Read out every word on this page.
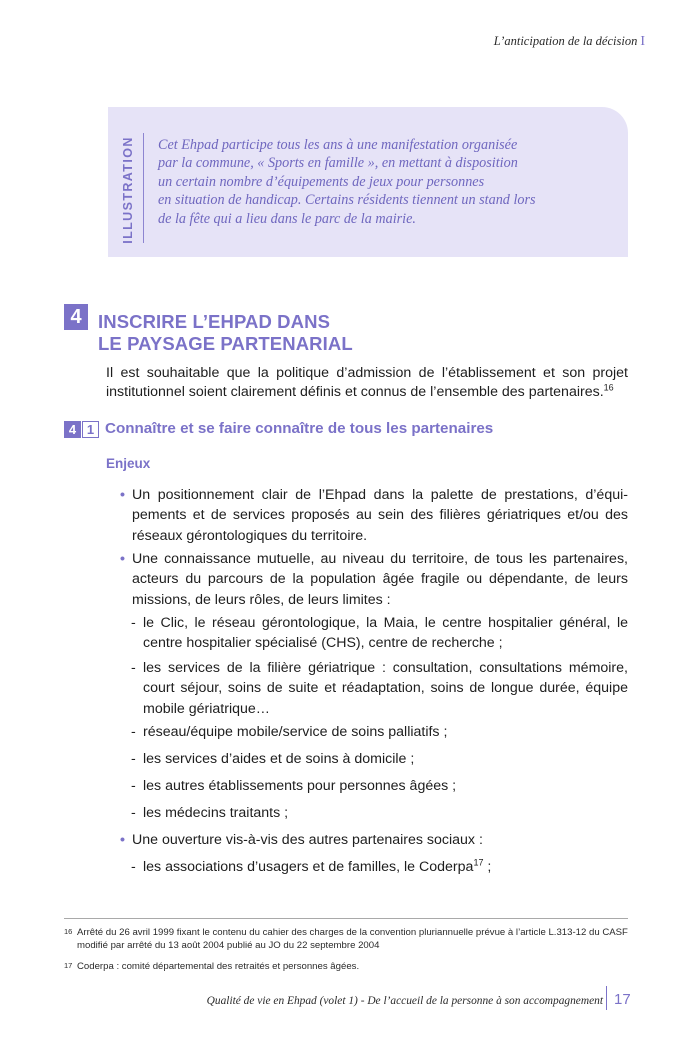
L’anticipation de la décision I
ILLUSTRATION Cet Ehpad participe tous les ans à une manifestation organisée
par la commune, « Sports en famille », en mettant à disposition
un certain nombre d’équipements de jeux pour personnes
en situation de handicap. Certains résidents tiennent un stand lors
de la fête qui a lieu dans le parc de la mairie.

4 INSCRIRE L’EHPAD DANS
LE PAYSAGE PARTENARIAL

Il est souhaitable que la politique d’admission de l’établissement et son projet institutionnel soient clairement définis et connus de l’ensemble des partenaires.$^{16}$

4 1 Connaître et se faire connaître de tous les partenaires

Enjeux

• Un positionnement clair de l’Ehpad dans la palette de prestations, d’équipements et de services proposés au sein des filières gériatriques et/ou des réseaux gérontologiques du territoire.

• Une connaissance mutuelle, au niveau du territoire, de tous les partenaires, acteurs du parcours de la population âgée fragile ou dépendante, de leurs missions, de leurs rôles, de leurs limites :

- le Clic, le réseau gérontologique, la Maia, le centre hospitalier général, le centre hospitalier spécialisé (CHS), centre de recherche ;

- les services de la filière gériatrique : consultation, consultations mémoire, court séjour, soins de suite et réadaptation, soins de longue durée, équipe mobile gériatrique…

- réseau/équipe mobile/service de soins palliatifs ;

- les services d’aides et de soins à domicile ;

- les autres établissements pour personnes âgées ;

- les médecins traitants ;

• Une ouverture vis-à-vis des autres partenaires sociaux :

- les associations d’usagers et de familles, le Coderpa$^{17}$ ;

16 Arrêté du 26 avril 1999 fixant le contenu du cahier des charges de la convention pluriannuelle prévue à l’article L.313-12 du CASF modifié par arrêté du 13 août 2004 publié au JO du 22 septembre 2004

17 Coderpa : comité départemental des retraités et personnes âgées.

Qualité de vie en Ehpad (volet 1) - De l’accueil de la personne à son accompagnement 17
